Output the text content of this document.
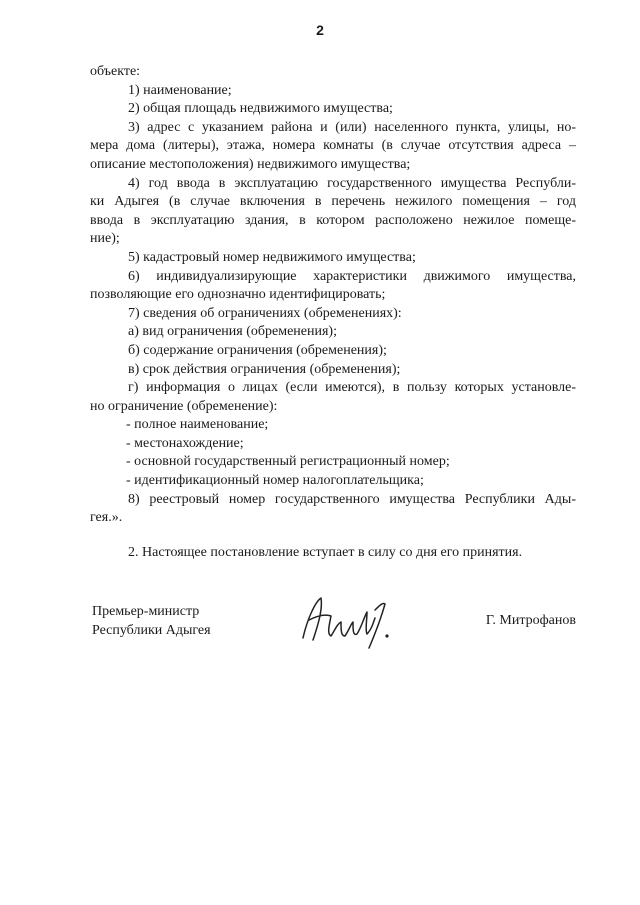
2
объекте:
1) наименование;
2) общая площадь недвижимого имущества;
3) адрес с указанием района и (или) населенного пункта, улицы, но-
мера дома (литеры), этажа, номера комнаты (в случае отсутствия адреса –
описание местоположения) недвижимого имущества;
4) год ввода в эксплуатацию государственного имущества Республи-
ки Адыгея (в случае включения в перечень нежилого помещения – год
ввода в эксплуатацию здания, в котором расположено нежилое помеще-
ние);
5) кадастровый номер недвижимого имущества;
6) индивидуализирующие характеристики движимого имущества,
позволяющие его однозначно идентифицировать;
7) сведения об ограничениях (обременениях):
а) вид ограничения (обременения);
б) содержание ограничения (обременения);
в) срок действия ограничения (обременения);
г) информация о лицах (если имеются), в пользу которых установле-
но ограничение (обременение):
- полное наименование;
- местонахождение;
- основной государственный регистрационный номер;
- идентификационный номер налогоплательщика;
8) реестровый номер государственного имущества Республики Ады-
гея.».
2. Настоящее постановление вступает в силу со дня его принятия.
Премьер-министр
Республики Адыгея
Г. Митрофанов
